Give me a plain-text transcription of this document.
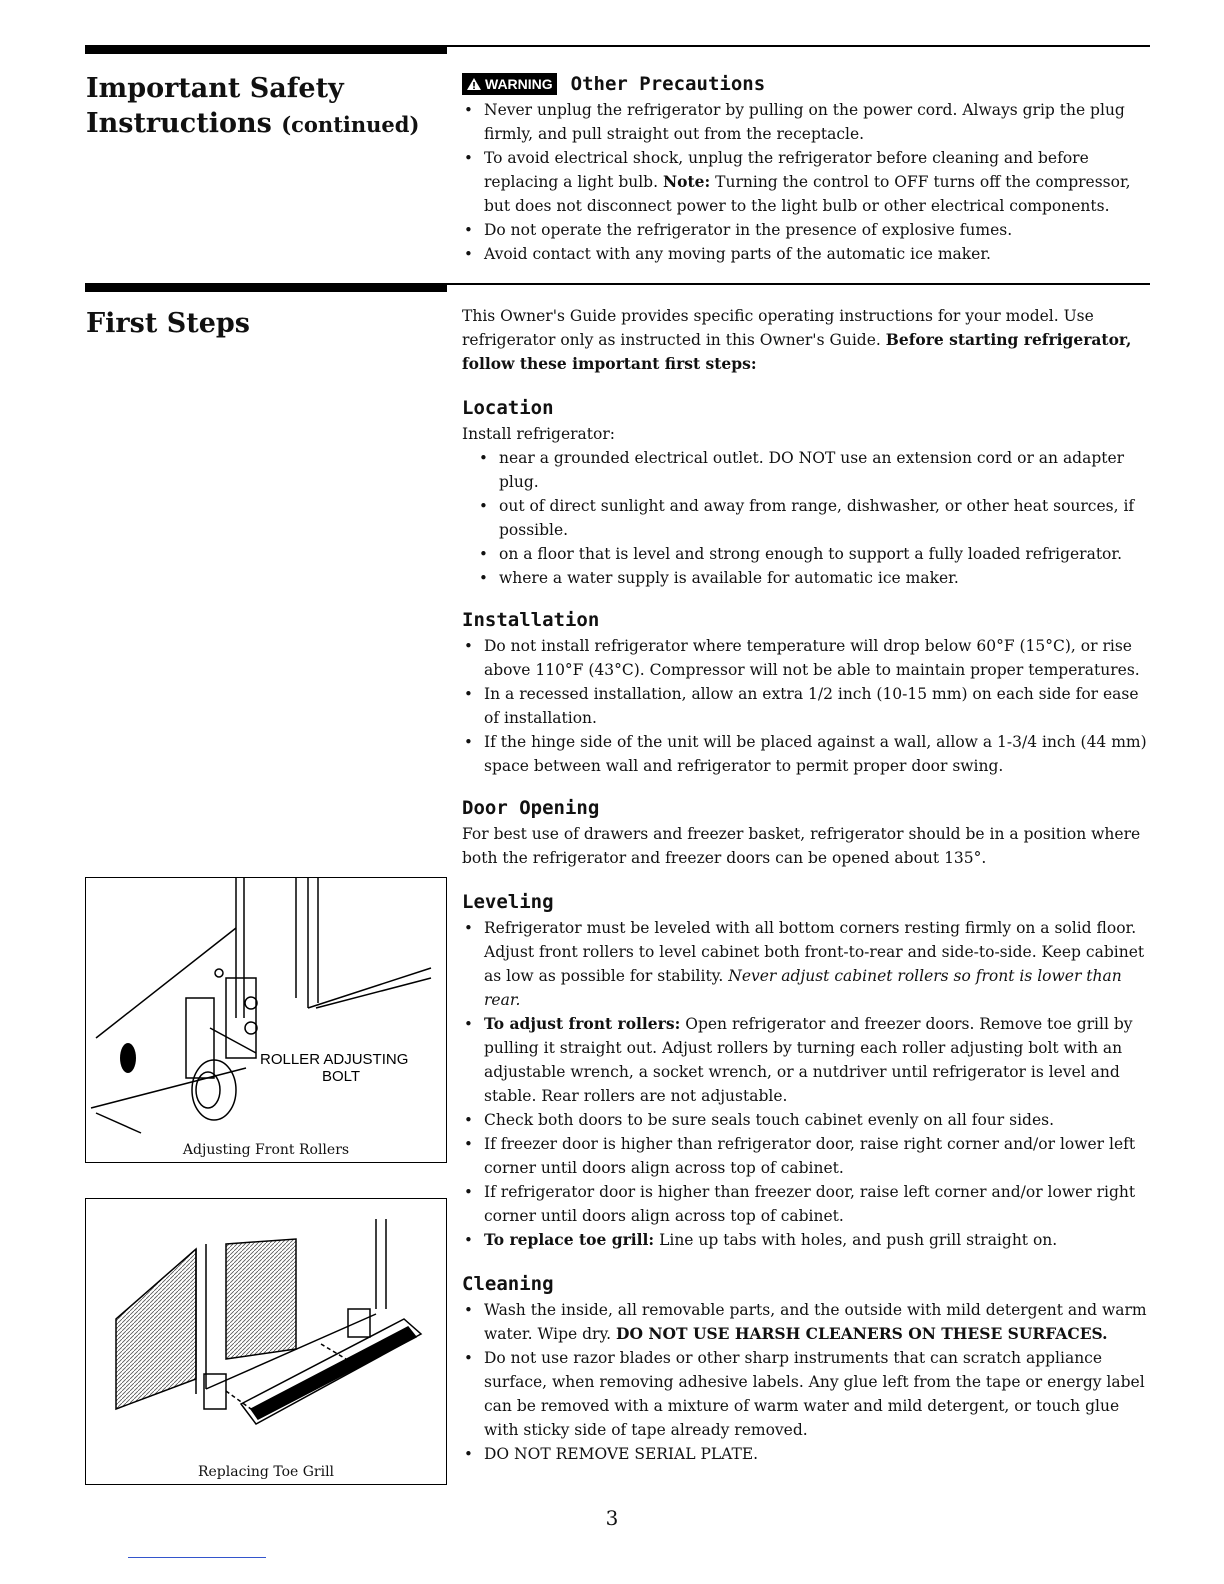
Important Safety
Instructions (continued)
WARNING Other Precautions
• Never unplug the refrigerator by pulling on the power cord. Always grip the plug firmly, and pull straight out from the receptacle.
• To avoid electrical shock, unplug the refrigerator before cleaning and before replacing a light bulb. Note: Turning the control to OFF turns off the compressor, but does not disconnect power to the light bulb or other electrical components.
• Do not operate the refrigerator in the presence of explosive fumes.
• Avoid contact with any moving parts of the automatic ice maker.
First Steps	This Owner's Guide provides specific operating instructions for your model. Use refrigerator only as instructed in this Owner's Guide. Before starting refrigerator, follow these important first steps:

Location

Install refrigerator:

• near a grounded electrical outlet. DO NOT use an extension cord or an adapter plug.
• out of direct sunlight and away from range, dishwasher, or other heat sources, if possible.
• on a floor that is level and strong enough to support a fully loaded refrigerator.
• where a water supply is available for automatic ice maker.
Installation
• Do not install refrigerator where temperature will drop below 60°F (15°C), or rise above 110°F (43°C). Compressor will not be able to maintain proper temperatures.
• In a recessed installation, allow an extra 1/2 inch (10-15 mm) on each side for ease of installation.
• If the hinge side of the unit will be placed against a wall, allow a 1-3/4 inch (44 mm) space between wall and refrigerator to permit proper door swing.
Door Opening

For best use of drawers and freezer basket, refrigerator should be in a position where both the refrigerator and freezer doors can be opened about 135°.

Leveling
• Refrigerator must be leveled with all bottom corners resting firmly on a solid floor. Adjust front rollers to level cabinet both front-to-rear and side-to-side. Keep cabinet as low as possible for stability. Never adjust cabinet rollers so front is lower than rear.
• To adjust front rollers: Open refrigerator and freezer doors. Remove toe grill by pulling it straight out. Adjust rollers by turning each roller adjusting bolt with an adjustable wrench, a socket wrench, or a nutdriver until refrigerator is level and stable. Rear rollers are not adjustable.
• Check both doors to be sure seals touch cabinet evenly on all four sides.
• If freezer door is higher than refrigerator door, raise right corner and/or lower left corner until doors align across top of cabinet.
• If refrigerator door is higher than freezer door, raise left corner and/or lower right corner until doors align across top of cabinet.
• To replace toe grill: Line up tabs with holes, and push grill straight on.
Cleaning
• Wash the inside, all removable parts, and the outside with mild detergent and warm water. Wipe dry. DO NOT USE HARSH CLEANERS ON THESE SURFACES.
• Do not use razor blades or other sharp instruments that can scratch appliance surface, when removing adhesive labels. Any glue left from the tape or energy label can be removed with a mixture of warm water and mild detergent, or touch glue with sticky side of tape already removed.
• DO NOT REMOVE SERIAL PLATE.
ROLLER ADJUSTING
BOLT
Adjusting Front Rollers
Replacing Toe Grill
3
